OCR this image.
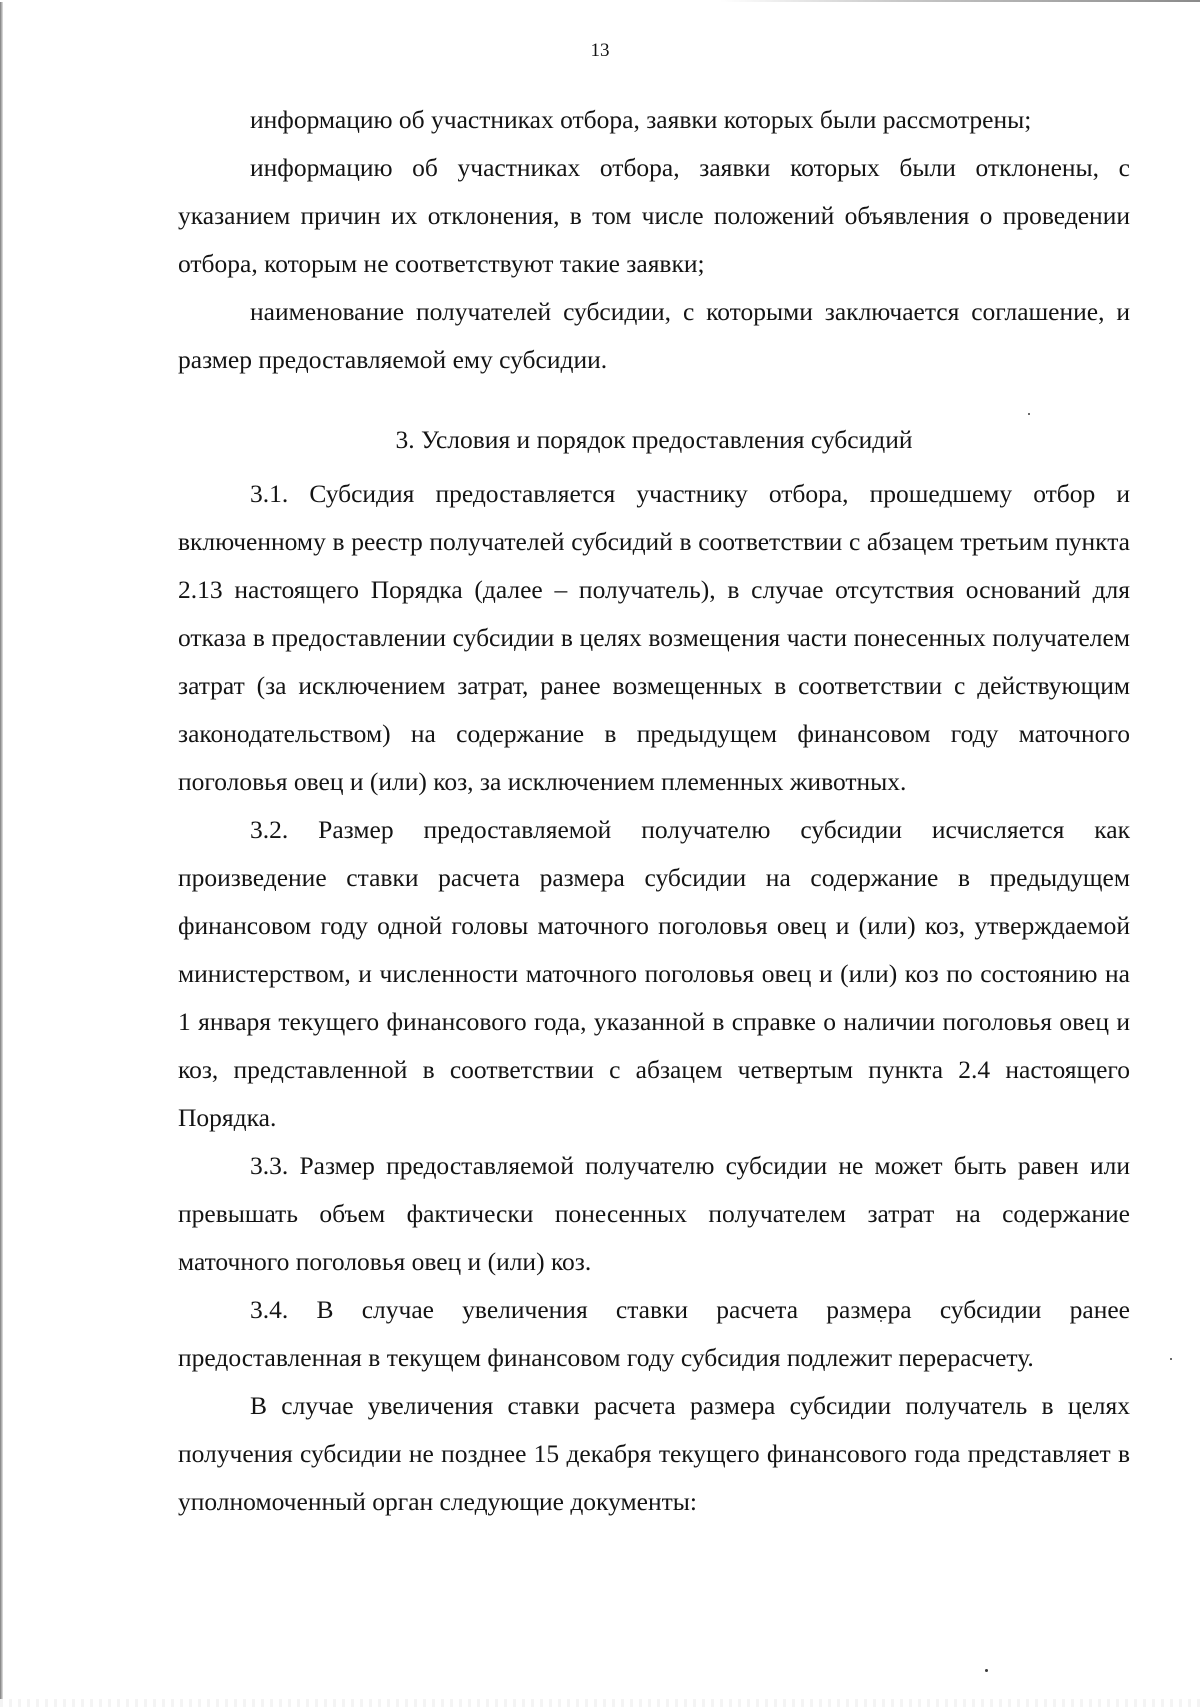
13

информацию об участниках отбора, заявки которых были рассмотрены;

информацию об участниках отбора, заявки которых были отклонены, с указанием причин их отклонения, в том числе положений объявления о проведении отбора, которым не соответствуют такие заявки;

наименование получателей субсидии, с которыми заключается соглашение, и размер предоставляемой ему субсидии.

3. Условия и порядок предоставления субсидий

3.1. Субсидия предоставляется участнику отбора, прошедшему отбор и включенному в реестр получателей субсидий в соответствии с абзацем третьим пункта 2.13 настоящего Порядка (далее – получатель), в случае отсутствия оснований для отказа в предоставлении субсидии в целях возмещения части понесенных получателем затрат (за исключением затрат, ранее возмещенных в соответствии с действующим законодательством) на содержание в предыдущем финансовом году маточного поголовья овец и (или) коз, за исключением племенных животных.

3.2. Размер предоставляемой получателю субсидии исчисляется как произведение ставки расчета размера субсидии на содержание в предыдущем финансовом году одной головы маточного поголовья овец и (или) коз, утверждаемой министерством, и численности маточного поголовья овец и (или) коз по состоянию на 1 января текущего финансового года, указанной в справке о наличии поголовья овец и коз, представленной в соответствии с абзацем четвертым пункта 2.4 настоящего Порядка.

3.3. Размер предоставляемой получателю субсидии не может быть равен или превышать объем фактически понесенных получателем затрат на содержание маточного поголовья овец и (или) коз.

3.4. В случае увеличения ставки расчета размера субсидии ранее предоставленная в текущем финансовом году субсидия подлежит перерасчету.

В случае увеличения ставки расчета размера субсидии получатель в целях получения субсидии не позднее 15 декабря текущего финансового года представляет в уполномоченный орган следующие документы:
